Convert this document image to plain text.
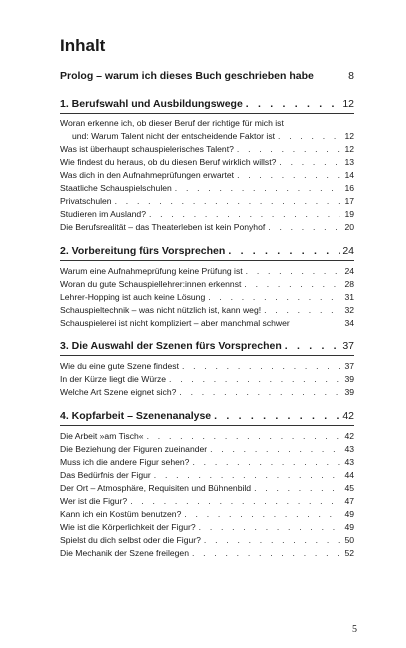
Inhalt
Prolog – warum ich dieses Buch geschrieben habe	8
1. Berufswahl und Ausbildungswege . . .	12
Woran erkenne ich, ob dieser Beruf der richtige für mich ist
und: Warum Talent nicht der entscheidende Faktor ist . . .	12
Was ist überhaupt schauspielerisches Talent? . . .	12
Wie findest du heraus, ob du diesen Beruf wirklich willst? . . .	13
Was dich in den Aufnahmeprüfungen erwartet . . .	14
Staatliche Schauspielschulen . . .	16
Privatschulen . . .	17
Studieren im Ausland? . . .	19
Die Berufsrealität – das Theaterleben ist kein Ponyhof . . .	20
2. Vorbereitung fürs Vorsprechen . . .	24
Warum eine Aufnahmeprüfung keine Prüfung ist . . .	24
Woran du gute Schauspiellehrer:innen erkennst . . .	28
Lehrer-Hopping ist auch keine Lösung . . .	31
Schauspieltechnik – was nicht nützlich ist, kann weg! . . .	32
Schauspielerei ist nicht kompliziert – aber manchmal schwer	34
3. Die Auswahl der Szenen fürs Vorsprechen . . .	37
Wie du eine gute Szene findest . . .	37
In der Kürze liegt die Würze . . .	39
Welche Art Szene eignet sich? . . .	39
4. Kopfarbeit – Szenenanalyse . . .	42
Die Arbeit »am Tisch« . . .	42
Die Beziehung der Figuren zueinander . . .	43
Muss ich die andere Figur sehen? . . .	43
Das Bedürfnis der Figur . . .	44
Der Ort – Atmosphäre, Requisiten und Bühnenbild . . .	45
Wer ist die Figur? . . .	47
Kann ich ein Kostüm benutzen? . . .	49
Wie ist die Körperlichkeit der Figur? . . .	49
Spielst du dich selbst oder die Figur? . . .	50
Die Mechanik der Szene freilegen . . .	52
5
